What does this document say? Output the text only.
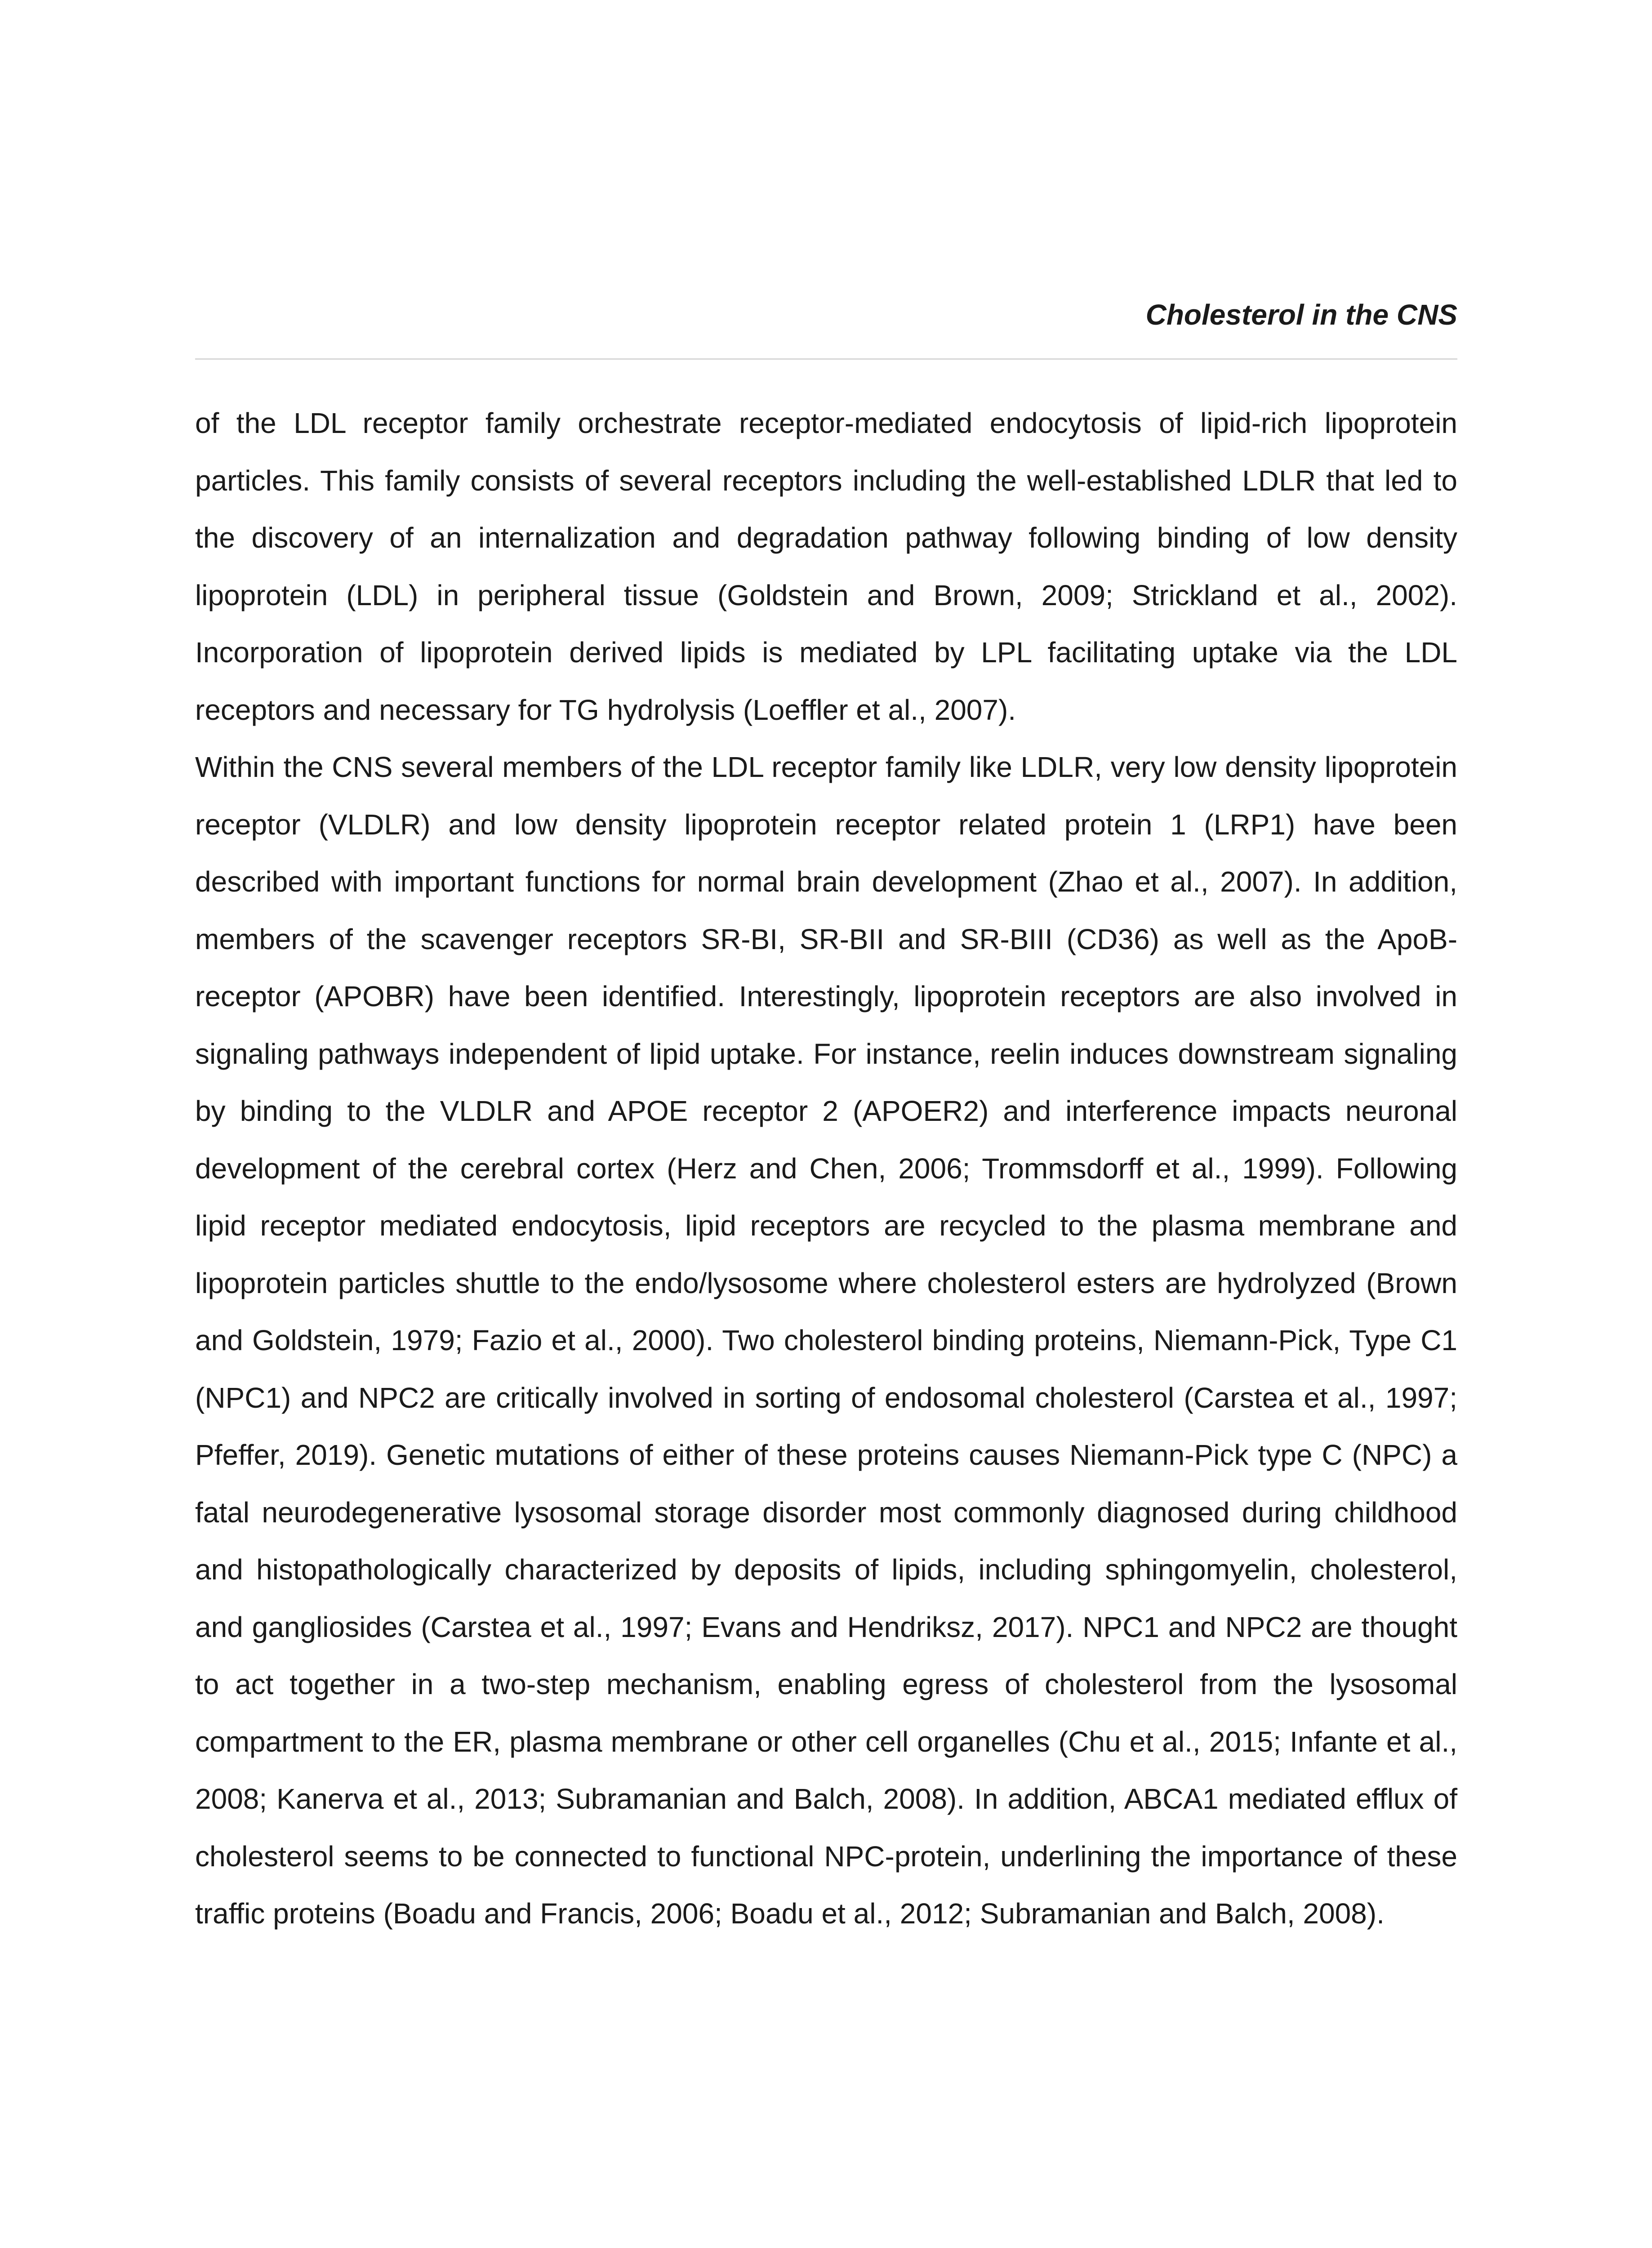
Cholesterol in the CNS

of the LDL receptor family orchestrate receptor-mediated endocytosis of lipid-rich lipoprotein particles. This family consists of several receptors including the well-established LDLR that led to the discovery of an internalization and degradation pathway following binding of low density lipoprotein (LDL) in peripheral tissue (Goldstein and Brown, 2009; Strickland et al., 2002). Incorporation of lipoprotein derived lipids is mediated by LPL facilitating uptake via the LDL receptors and necessary for TG hydrolysis (Loeffler et al., 2007).

Within the CNS several members of the LDL receptor family like LDLR, very low density lipoprotein receptor (VLDLR) and low density lipoprotein receptor related protein 1 (LRP1) have been described with important functions for normal brain development (Zhao et al., 2007). In addition, members of the scavenger receptors SR-BI, SR-BII and SR-BIII (CD36) as well as the ApoB-receptor (APOBR) have been identified. Interestingly, lipoprotein receptors are also involved in signaling pathways independent of lipid uptake. For instance, reelin induces downstream signaling by binding to the VLDLR and APOE receptor 2 (APOER2) and interference impacts neuronal development of the cerebral cortex (Herz and Chen, 2006; Trommsdorff et al., 1999). Following lipid receptor mediated endocytosis, lipid receptors are recycled to the plasma membrane and lipoprotein particles shuttle to the endo/lysosome where cholesterol esters are hydrolyzed (Brown and Goldstein, 1979; Fazio et al., 2000). Two cholesterol binding proteins, Niemann-Pick, Type C1 (NPC1) and NPC2 are critically involved in sorting of endosomal cholesterol (Carstea et al., 1997; Pfeffer, 2019). Genetic mutations of either of these proteins causes Niemann-Pick type C (NPC) a fatal neurodegenerative lysosomal storage disorder most commonly diagnosed during childhood and histopathologically characterized by deposits of lipids, including sphingomyelin, cholesterol, and gangliosides (Carstea et al., 1997; Evans and Hendriksz, 2017). NPC1 and NPC2 are thought to act together in a two-step mechanism, enabling egress of cholesterol from the lysosomal compartment to the ER, plasma membrane or other cell organelles (Chu et al., 2015; Infante et al., 2008; Kanerva et al., 2013; Subramanian and Balch, 2008). In addition, ABCA1 mediated efflux of cholesterol seems to be connected to functional NPC-protein, underlining the importance of these traffic proteins (Boadu and Francis, 2006; Boadu et al., 2012; Subramanian and Balch, 2008).
